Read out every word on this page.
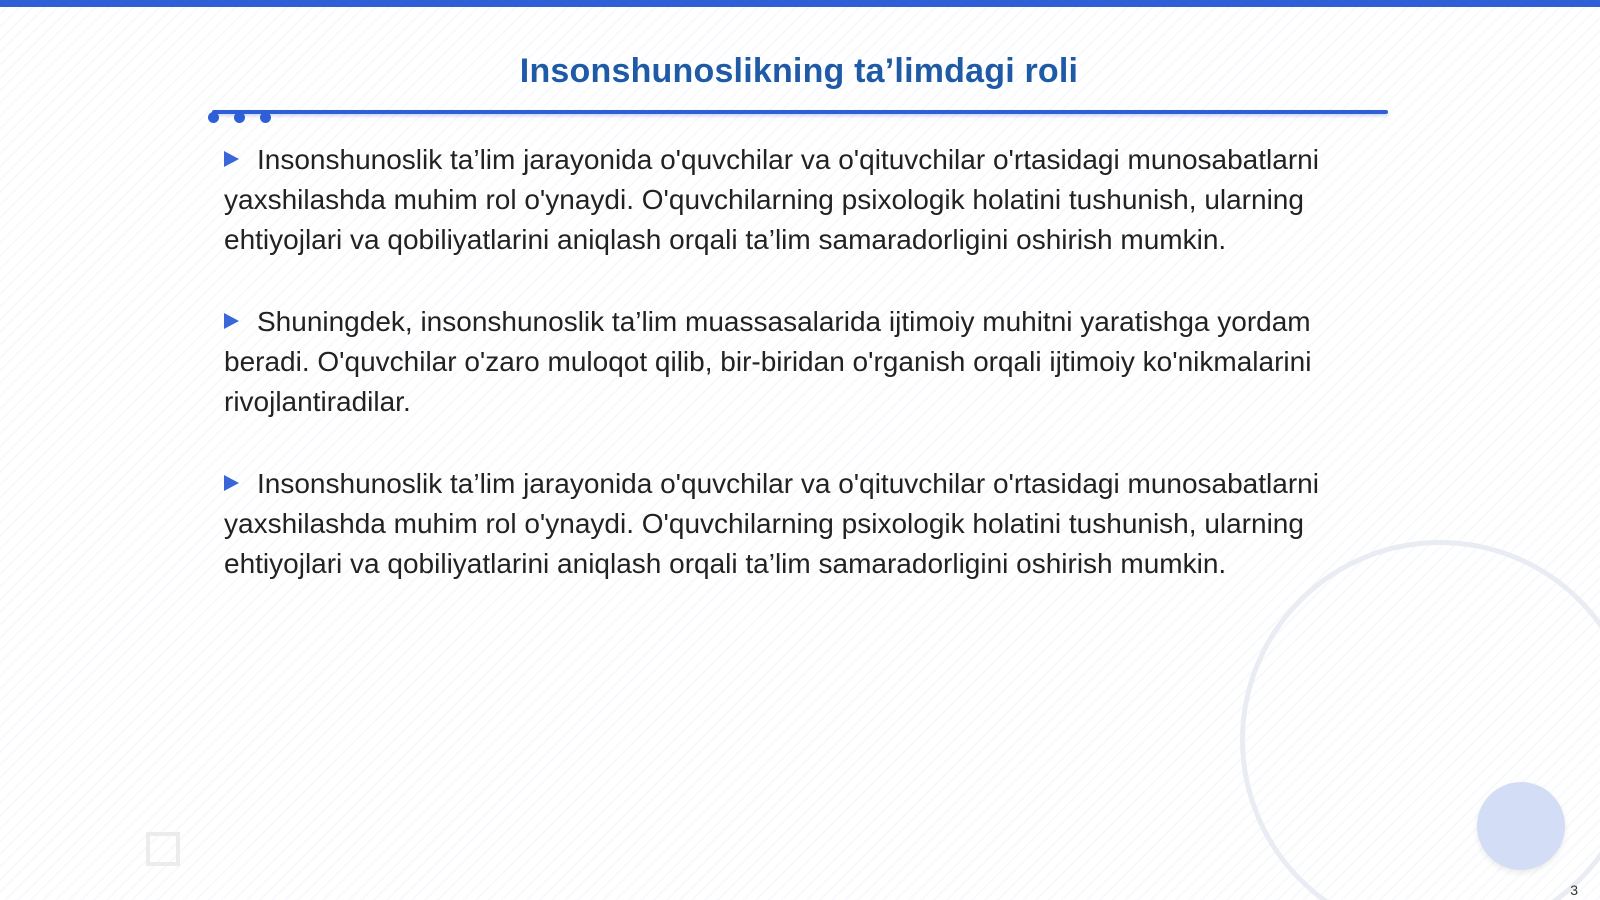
Insonshunoslikning ta’limdagi roli

Insonshunoslik ta’lim jarayonida o'quvchilar va o'qituvchilar o'rtasidagi munosabatlarni yaxshilashda muhim rol o'ynaydi. O'quvchilarning psixologik holatini tushunish, ularning ehtiyojlari va qobiliyatlarini aniqlash orqali ta’lim samaradorligini oshirish mumkin.

Shuningdek, insonshunoslik ta’lim muassasalarida ijtimoiy muhitni yaratishga yordam beradi. O'quvchilar o'zaro muloqot qilib, bir-biridan o'rganish orqali ijtimoiy ko'nikmalarini rivojlantiradilar.

Insonshunoslik ta’lim jarayonida o'quvchilar va o'qituvchilar o'rtasidagi munosabatlarni yaxshilashda muhim rol o'ynaydi. O'quvchilarning psixologik holatini tushunish, ularning ehtiyojlari va qobiliyatlarini aniqlash orqali ta’lim samaradorligini oshirish mumkin.

3
